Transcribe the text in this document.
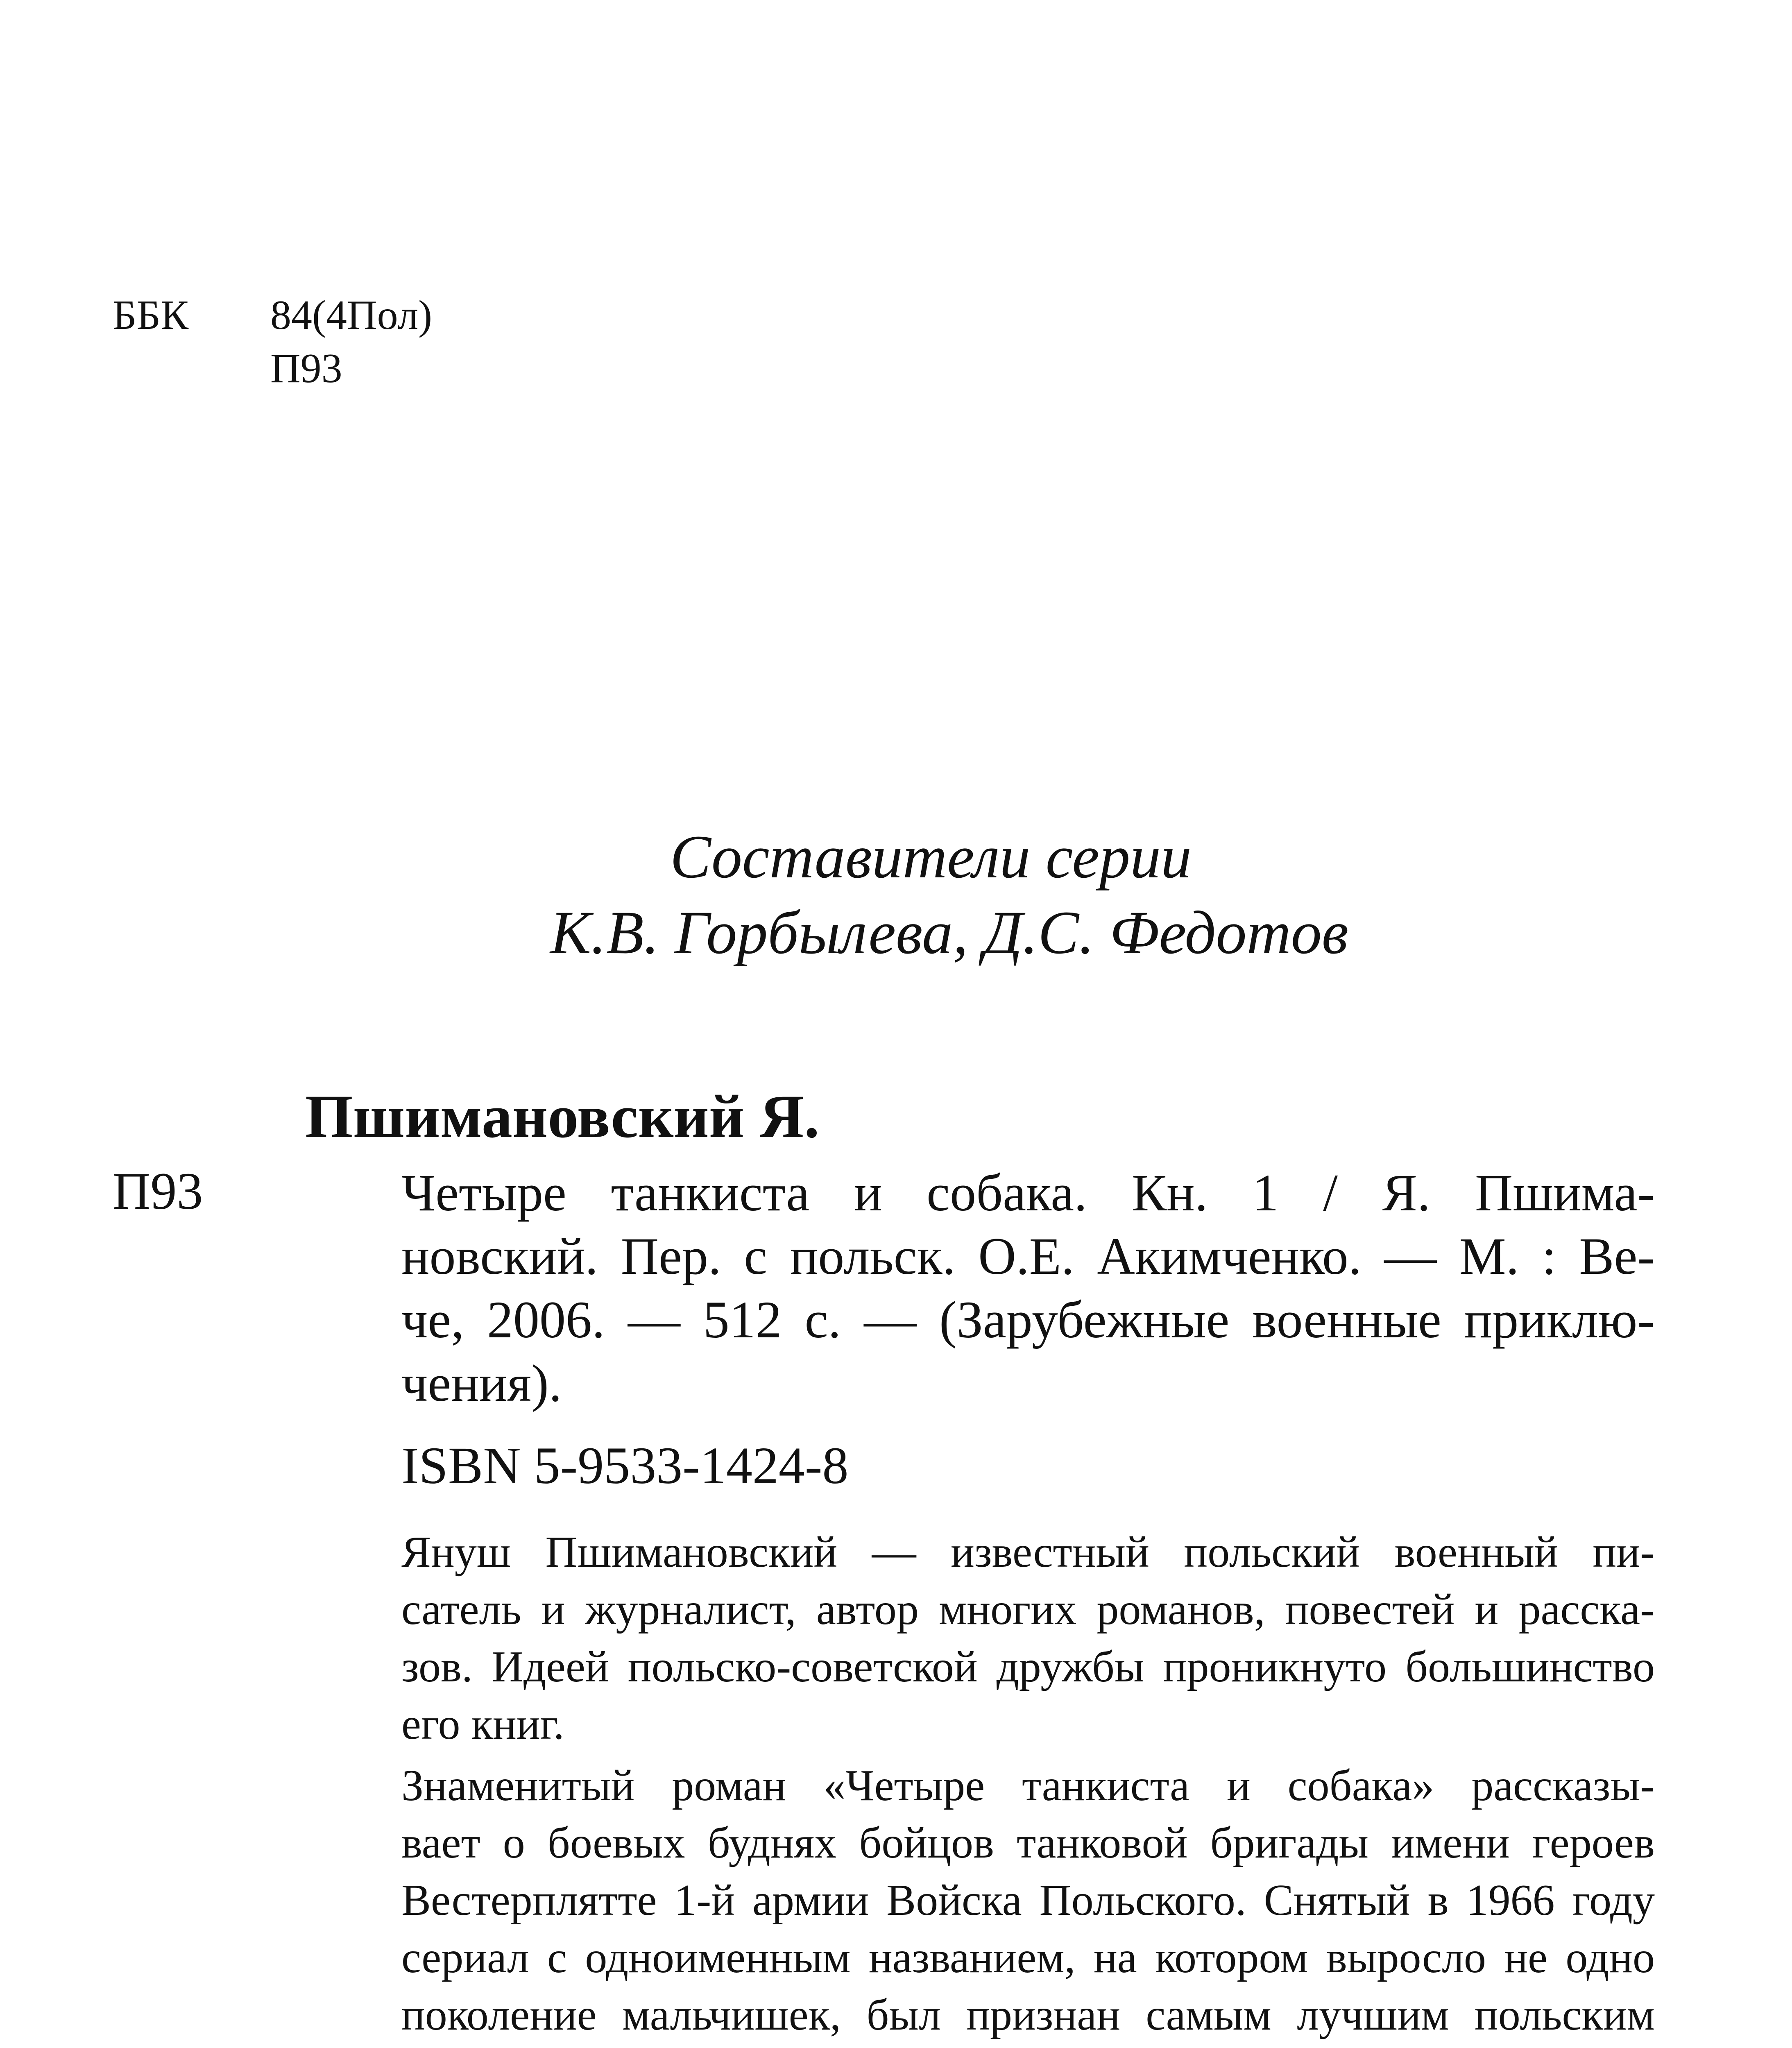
ББК 84(4Пол)
П93
Составители серии
К.В. Горбылева, Д.С. Федотов
Пшимановский Я.
П93	Четыре танкиста и собака. Кн. 1 / Я. Пшима-
новский. Пер. с польск. О.Е. Акимченко. — М. : Ве-
че, 2006. — 512 с. — (Зарубежные военные приклю-
чения).
ISBN 5-9533-1424-8
Януш Пшимановский — известный польский военный пи-
сатель и журналист, автор многих романов, повестей и расска-
зов. Идеей польско-советской дружбы проникнуто большинство
его книг.
Знаменитый роман «Четыре танкиста и собака» рассказы-
вает о боевых буднях бойцов танковой бригады имени героев
Вестерплятте 1-й армии Войска Польского. Снятый в 1966 году
сериал с одноименным названием, на котором выросло не одно
поколение мальчишек, был признан самым лучшим польским
